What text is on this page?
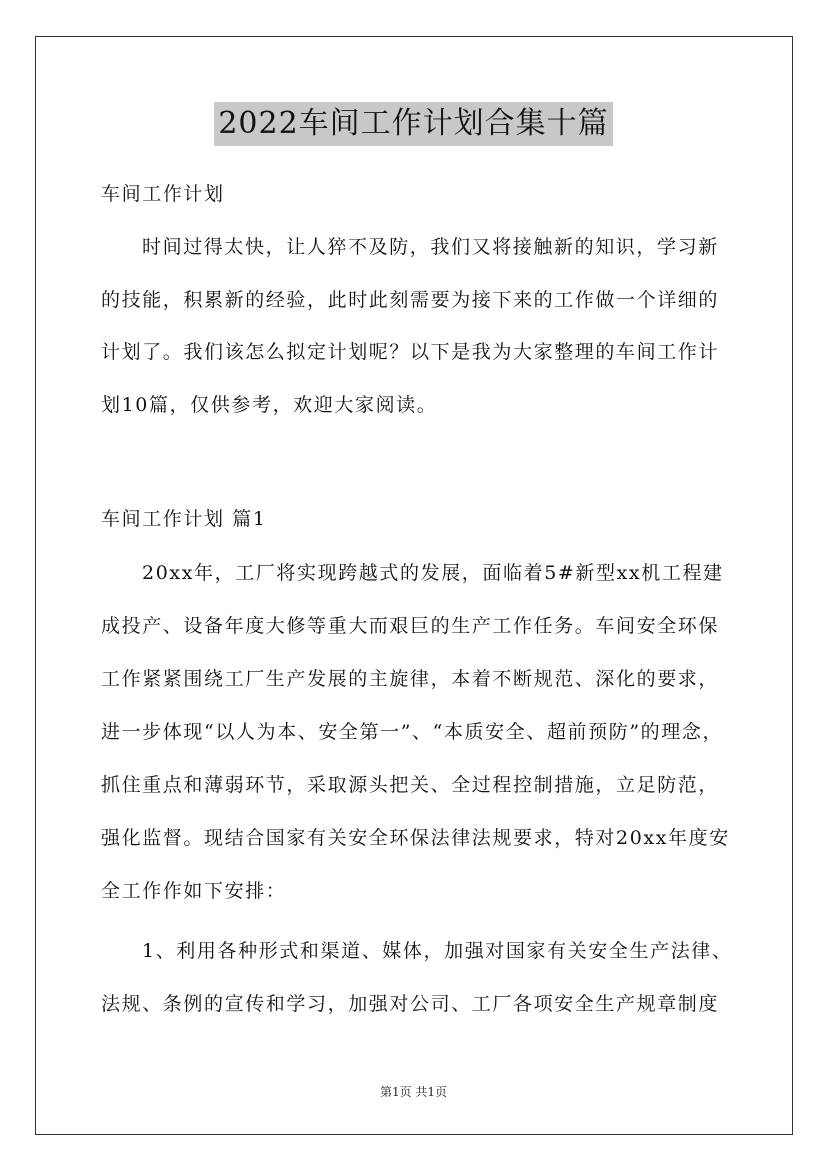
2022车间工作计划合集十篇
车间工作计划
时间过得太快，让人猝不及防，我们又将接触新的知识，学习新
的技能，积累新的经验，此时此刻需要为接下来的工作做一个详细的
计划了。我们该怎么拟定计划呢？以下是我为大家整理的车间工作计
划10篇，仅供参考，欢迎大家阅读。
车间工作计划 篇1
20xx年，工厂将实现跨越式的发展，面临着5#新型xx机工程建
成投产、设备年度大修等重大而艰巨的生产工作任务。车间安全环保
工作紧紧围绕工厂生产发展的主旋律，本着不断规范、深化的要求，
进一步体现“以人为本、安全第一”、“本质安全、超前预防”的理念，
抓住重点和薄弱环节，采取源头把关、全过程控制措施，立足防范，
强化监督。现结合国家有关安全环保法律法规要求，特对20xx年度安
全工作作如下安排：
1、利用各种形式和渠道、媒体，加强对国家有关安全生产法律、
法规、条例的宣传和学习，加强对公司、工厂各项安全生产规章制度
第1页 共1页
